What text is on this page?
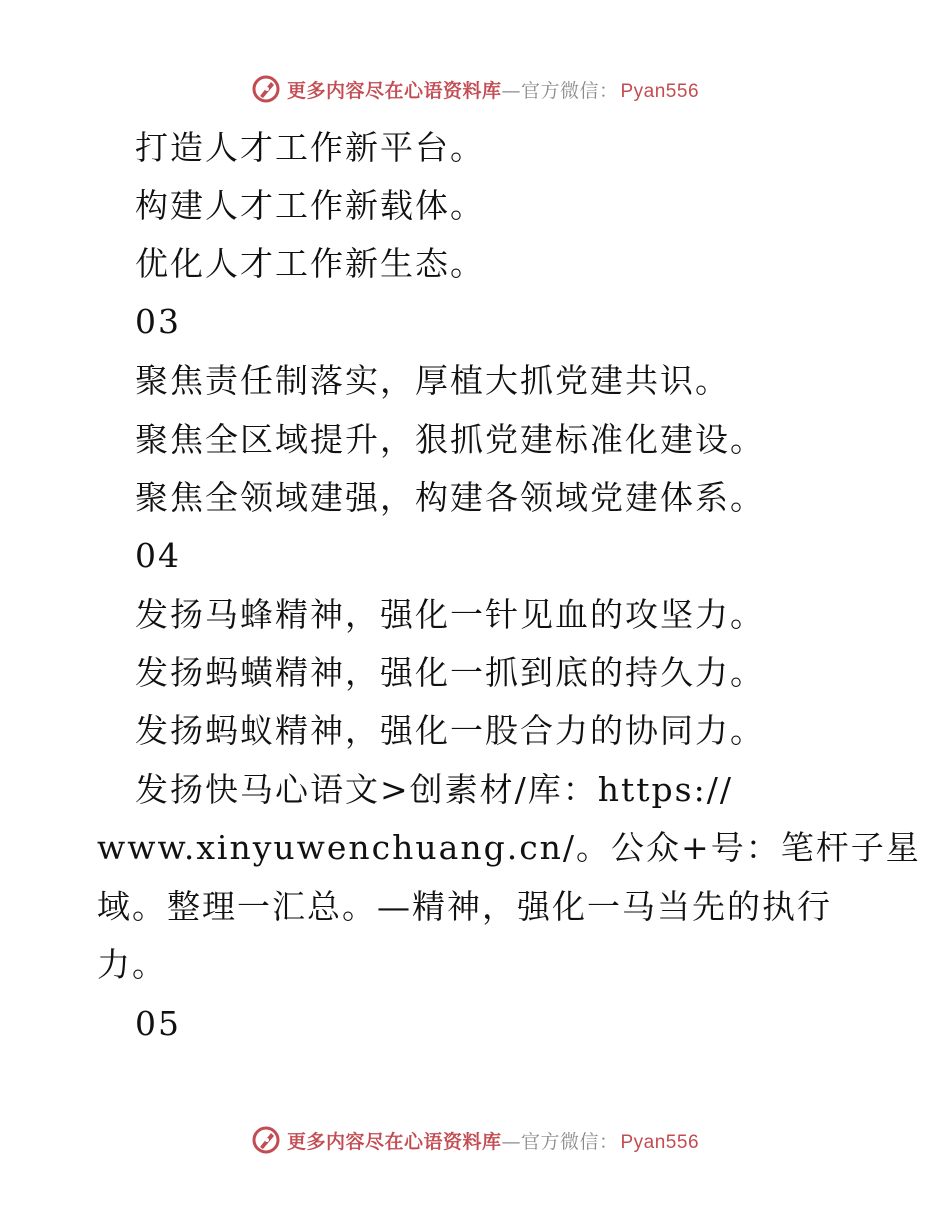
更多内容尽在心语资料库—官方微信： Pyan556
打造人才工作新平台。
构建人才工作新载体。
优化人才工作新生态。
03
聚焦责任制落实，厚植大抓党建共识。
聚焦全区域提升，狠抓党建标准化建设。
聚焦全领域建强，构建各领域党建体系。
04
发扬马蜂精神，强化一针见血的攻坚力。
发扬蚂蟥精神，强化一抓到底的持久力。
发扬蚂蚁精神，强化一股合力的协同力。
发扬快马心语文>创素材/库：https://
www.xinyuwenchuang.cn/。公众+号：笔杆子星
域。整理一汇总。—精神，强化一马当先的执行
力。
05
更多内容尽在心语资料库—官方微信： Pyan556
